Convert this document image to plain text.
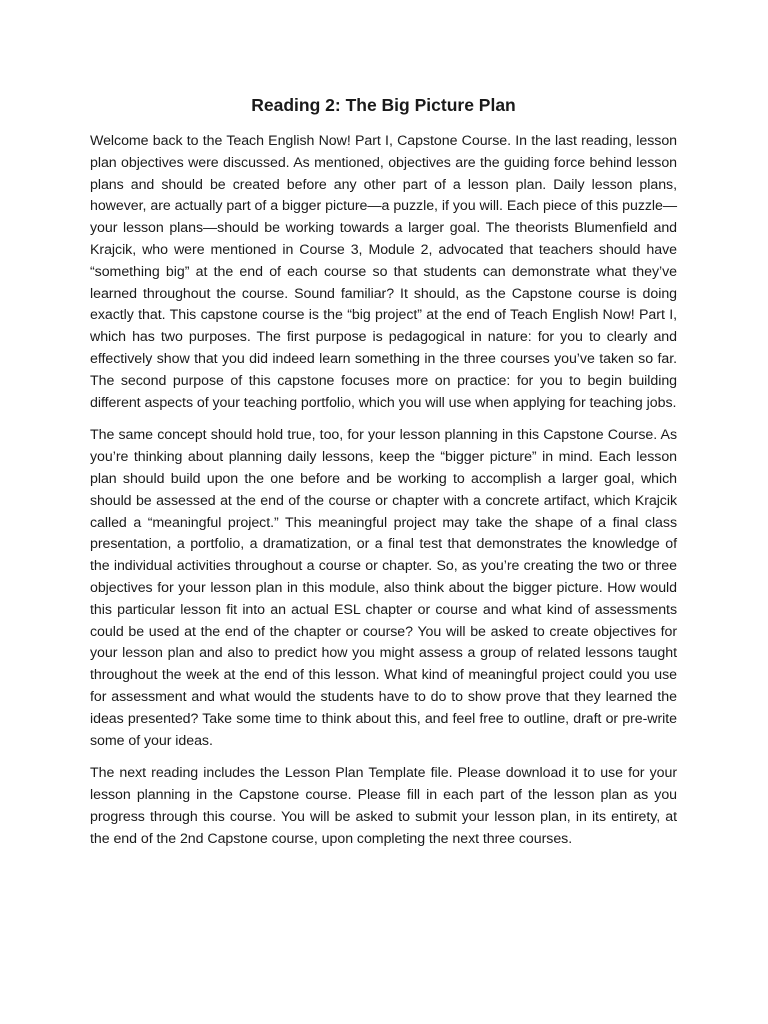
Reading 2: The Big Picture Plan

Welcome back to the Teach English Now! Part I, Capstone Course. In the last reading, lesson plan objectives were discussed. As mentioned, objectives are the guiding force behind lesson plans and should be created before any other part of a lesson plan. Daily lesson plans, however, are actually part of a bigger picture—a puzzle, if you will. Each piece of this puzzle—your lesson plans—should be working towards a larger goal. The theorists Blumenfield and Krajcik, who were mentioned in Course 3, Module 2, advocated that teachers should have “something big” at the end of each course so that students can demonstrate what they’ve learned throughout the course. Sound familiar? It should, as the Capstone course is doing exactly that. This capstone course is the “big project” at the end of Teach English Now! Part I, which has two purposes. The first purpose is pedagogical in nature: for you to clearly and effectively show that you did indeed learn something in the three courses you’ve taken so far. The second purpose of this capstone focuses more on practice: for you to begin building different aspects of your teaching portfolio, which you will use when applying for teaching jobs.

The same concept should hold true, too, for your lesson planning in this Capstone Course. As you’re thinking about planning daily lessons, keep the “bigger picture” in mind. Each lesson plan should build upon the one before and be working to accomplish a larger goal, which should be assessed at the end of the course or chapter with a concrete artifact, which Krajcik called a “meaningful project.” This meaningful project may take the shape of a final class presentation, a portfolio, a dramatization, or a final test that demonstrates the knowledge of the individual activities throughout a course or chapter. So, as you’re creating the two or three objectives for your lesson plan in this module, also think about the bigger picture. How would this particular lesson fit into an actual ESL chapter or course and what kind of assessments could be used at the end of the chapter or course? You will be asked to create objectives for your lesson plan and also to predict how you might assess a group of related lessons taught throughout the week at the end of this lesson. What kind of meaningful project could you use for assessment and what would the students have to do to show prove that they learned the ideas presented? Take some time to think about this, and feel free to outline, draft or pre-write some of your ideas.

The next reading includes the Lesson Plan Template file. Please download it to use for your lesson planning in the Capstone course. Please fill in each part of the lesson plan as you progress through this course. You will be asked to submit your lesson plan, in its entirety, at the end of the 2nd Capstone course, upon completing the next three courses.
